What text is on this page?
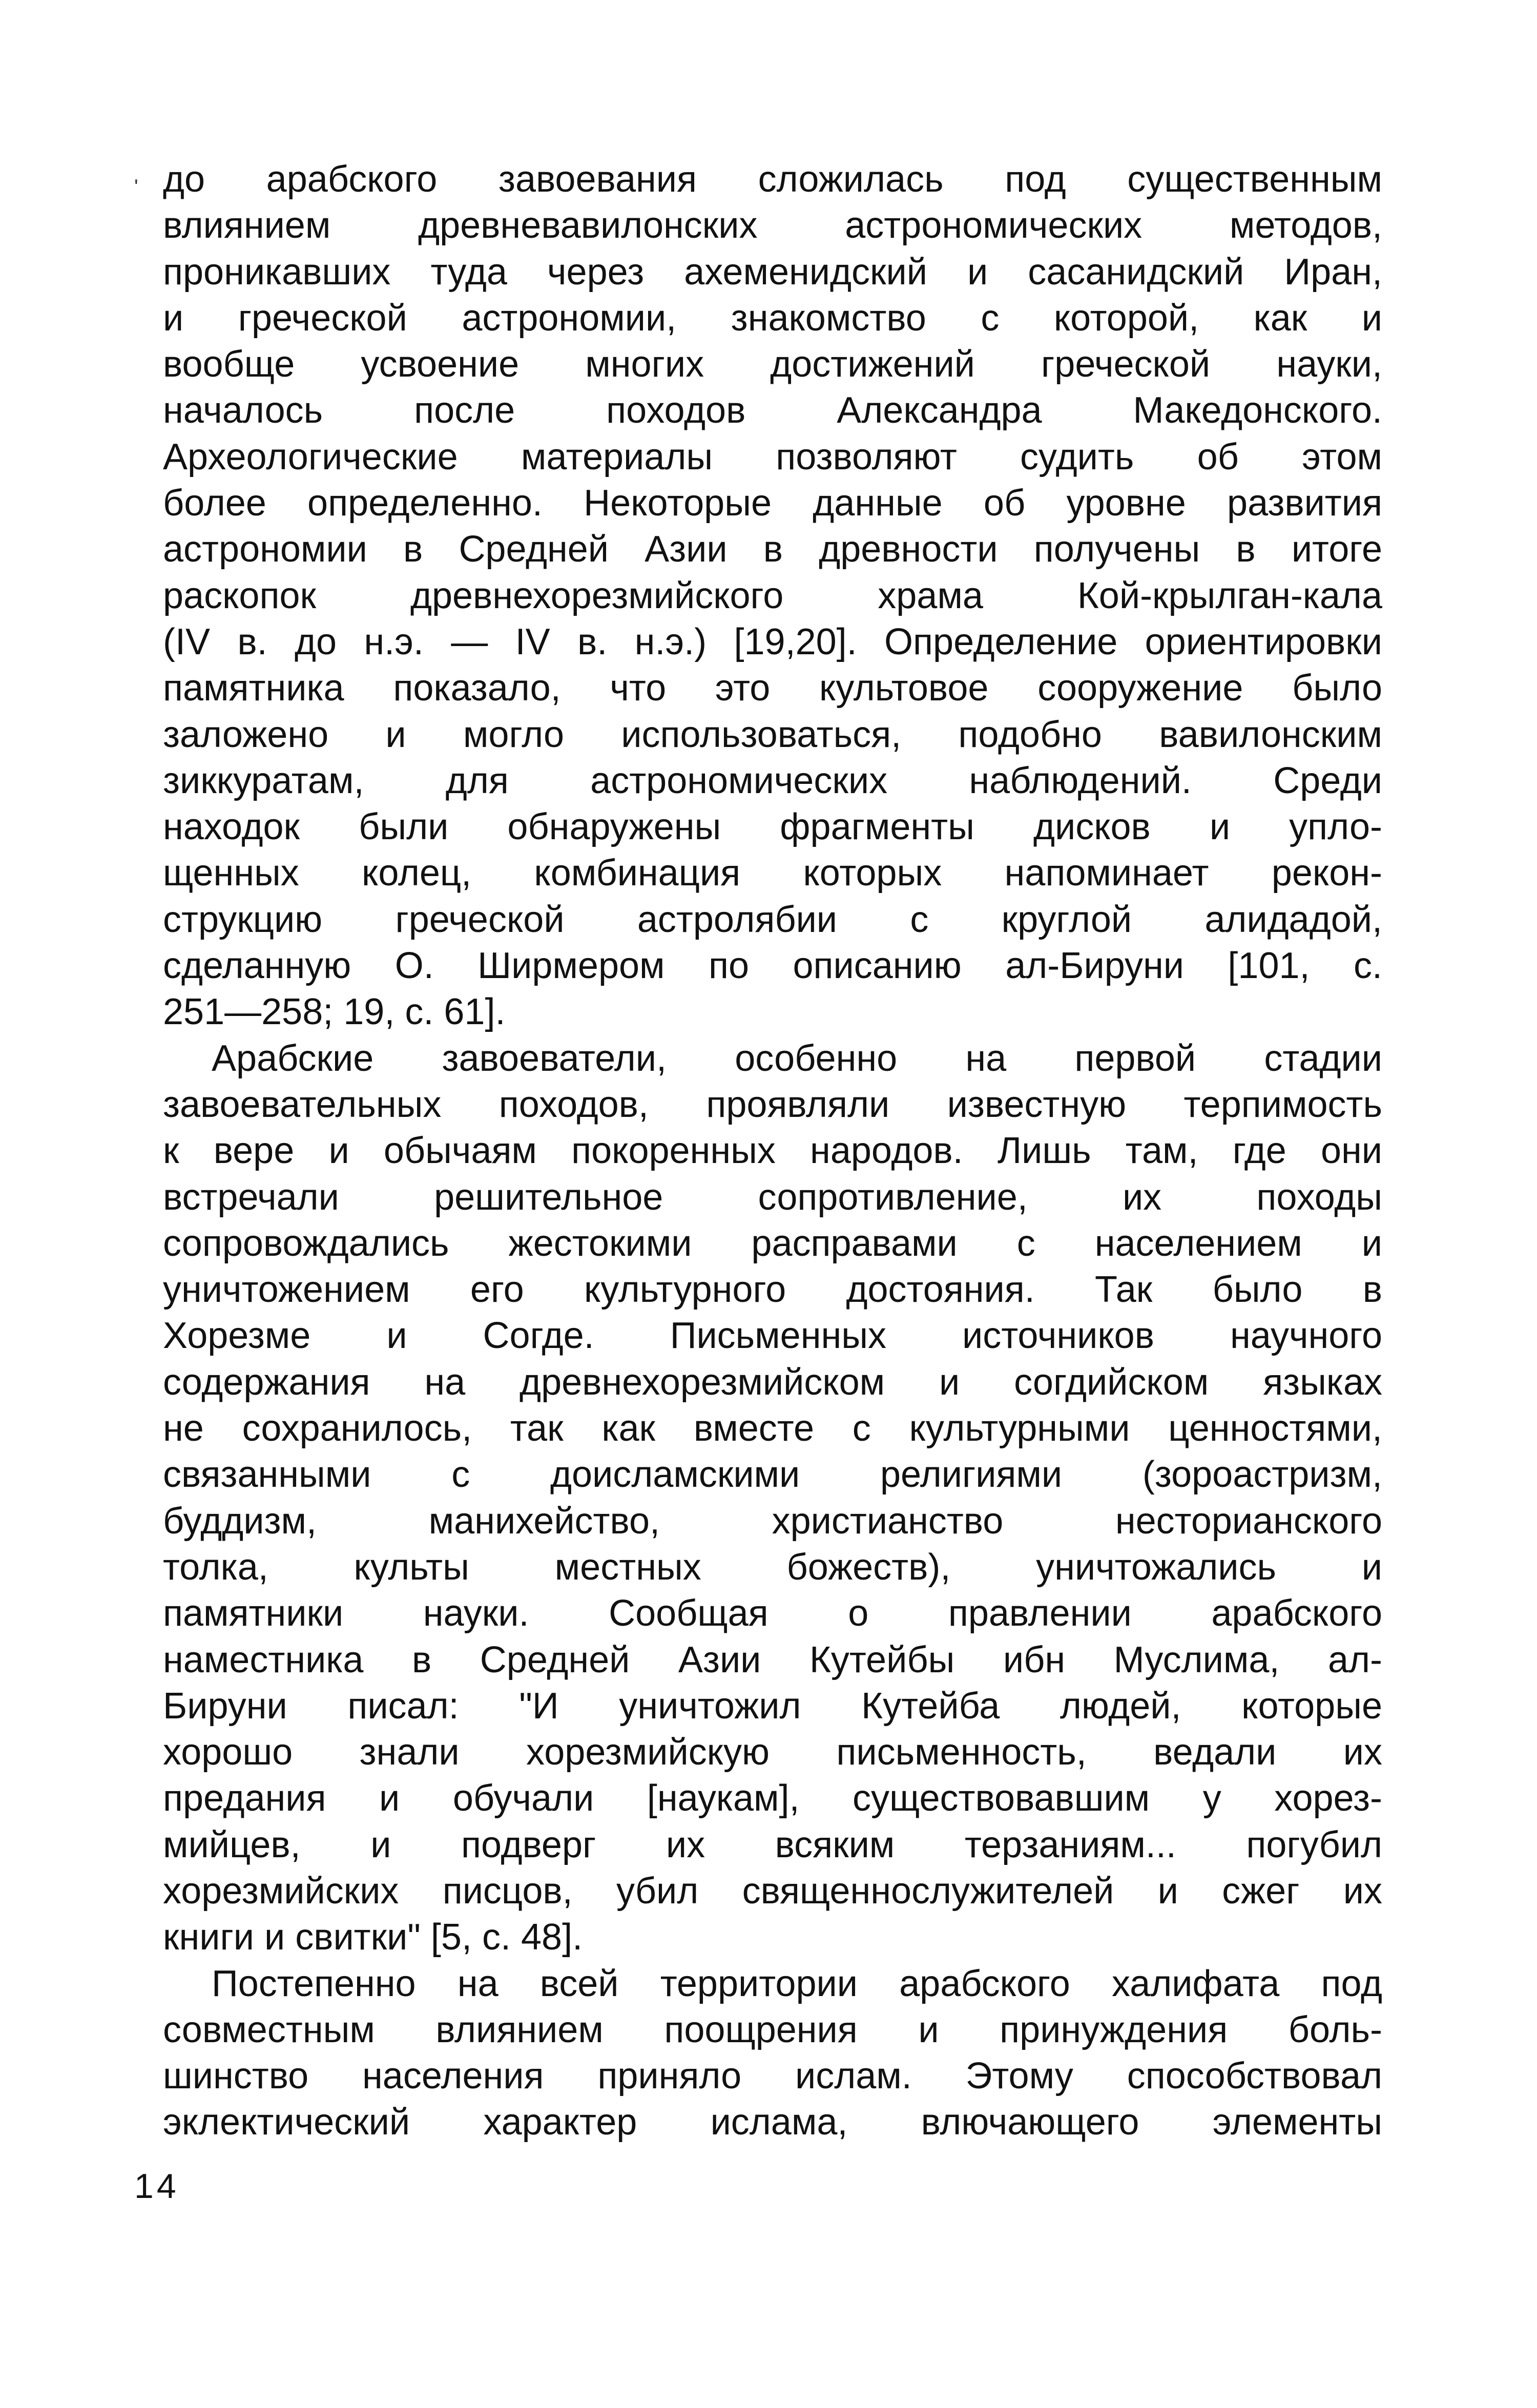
' до арабского завоевания сложилась под существенным
влиянием древневавилонских астрономических методов,
проникавших туда через ахеменидский и сасанидский Иран,
и греческой астрономии, знакомство с которой, как и
вообще усвоение многих достижений греческой науки,
началось после походов Александра Македонского.
Археологические материалы позволяют судить об этом
более определенно. Некоторые данные об уровне развития
астрономии в Средней Азии в древности получены в итоге
раскопок древнехорезмийского храма Кой-крылган-кала
(IV в. до н.э. — IV в. н.э.) [19,20]. Определение ориентировки
памятника показало, что это культовое сооружение было
заложено и могло использоваться, подобно вавилонским
зиккуратам, для астрономических наблюдений. Среди
находок были обнаружены фрагменты дисков и упло-
щенных колец, комбинация которых напоминает рекон-
струкцию греческой астролябии с круглой алидадой,
сделанную О. Ширмером по описанию ал-Бируни [101, с.
251—258; 19, с. 61].
Арабские завоеватели, особенно на первой стадии
завоевательных походов, проявляли известную терпимость
к вере и обычаям покоренных народов. Лишь там, где они
встречали решительное сопротивление, их походы
сопровождались жестокими расправами с населением и
уничтожением его культурного достояния. Так было в
Хорезме и Согде. Письменных источников научного
содержания на древнехорезмийском и согдийском языках
не сохранилось, так как вместе с культурными ценностями,
связанными с доисламскими религиями (зороастризм,
буддизм, манихейство, христианство несторианского
толка, культы местных божеств), уничтожались и
памятники науки. Сообщая о правлении арабского
наместника в Средней Азии Кутейбы ибн Муслима, ал-
Бируни писал: "И уничтожил Кутейба людей, которые
хорошо знали хорезмийскую письменность, ведали их
предания и обучали [наукам], существовавшим у хорез-
мийцев, и подверг их всяким терзаниям... погубил
хорезмийских писцов, убил священнослужителей и сжег их
книги и свитки" [5, с. 48].
Постепенно на всей территории арабского халифата под
совместным влиянием поощрения и принуждения боль-
шинство населения приняло ислам. Этому способствовал
эклектический характер ислама, влючающего элементы
14
